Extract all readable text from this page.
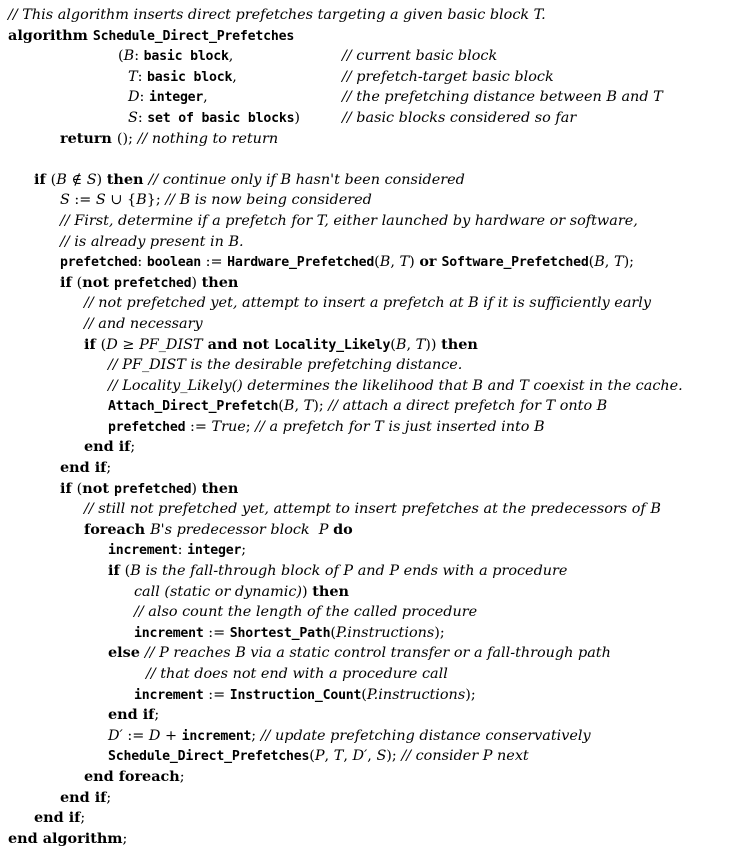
// This algorithm inserts direct prefetches targeting a given basic block T.
algorithm Schedule_Direct_Prefetches
(B: basic block,	// current basic block
T: basic block,	// prefetch-target basic block
D: integer,	// the prefetching distance between B and T
S: set of basic blocks)	// basic blocks considered so far
return (); // nothing to return
if (B ∉ S) then // continue only if B hasn't been considered
S := S ∪ {B}; // B is now being considered
// First, determine if a prefetch for T, either launched by hardware or software,
// is already present in B.
prefetched: boolean := Hardware_Prefetched(B, T) or Software_Prefetched(B, T);
if (not prefetched) then
// not prefetched yet, attempt to insert a prefetch at B if it is sufficiently early
// and necessary
if (D ≥ PF_DIST and not Locality_Likely(B, T)) then
// PF_DIST is the desirable prefetching distance.
// Locality_Likely() determines the likelihood that B and T coexist in the cache.
Attach_Direct_Prefetch(B, T); // attach a direct prefetch for T onto B
prefetched := True; // a prefetch for T is just inserted into B
end if;
end if;
if (not prefetched) then
// still not prefetched yet, attempt to insert prefetches at the predecessors of B
foreach B's predecessor block  P do
increment: integer;
if (B is the fall-through block of P and P ends with a procedure
call (static or dynamic)) then
// also count the length of the called procedure
increment := Shortest_Path(P.instructions);
else // P reaches B via a static control transfer or a fall-through path
// that does not end with a procedure call
increment := Instruction_Count(P.instructions);
end if;
D′ := D + increment; // update prefetching distance conservatively
Schedule_Direct_Prefetches(P, T, D′, S); // consider P next
end foreach;
end if;
end if;
end algorithm;
